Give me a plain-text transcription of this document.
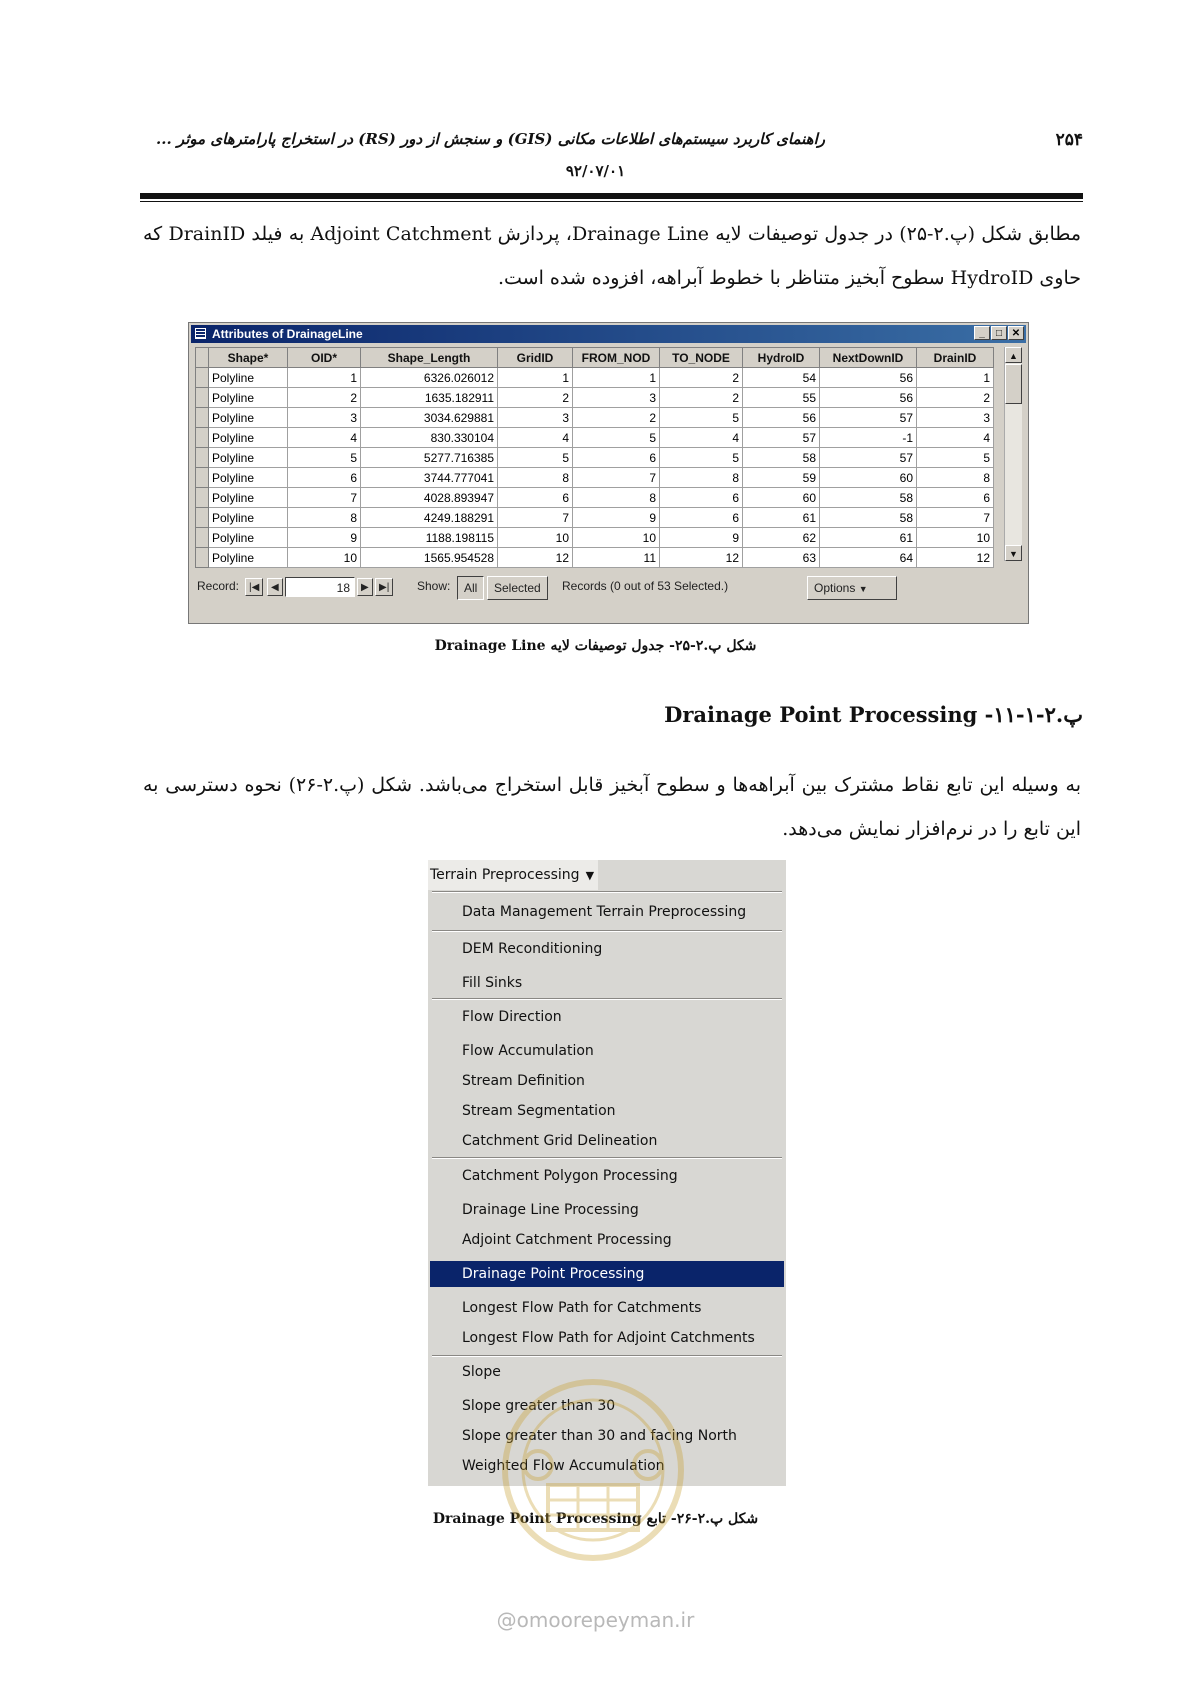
۲۵۴
راهنمای کاربرد سیستم‌های اطلاعات مکانی (GIS) و سنجش از دور (RS) در استخراج پارامترهای موثر ...
۹۲/۰۷/۰۱
مطابق شکل (پ.۲-۲۵) در جدول توصیفات لایه Drainage Line، پردازش Adjoint Catchment به فیلد DrainID که حاوی HydroID سطوح آبخیز متناظر با خطوط آبراهه، افزوده شده است.
Attributes of DrainageLine	_	□ ✕
	Shape*	OID*	Shape_Length	GridID	FROM_NOD	TO_NODE	HydroID	NextDownID	DrainID
	Polyline	1	6326.026012	1	1	2	54	56	1
	Polyline	2	1635.182911	2	3	2	55	56	2
	Polyline	3	3034.629881	3	2	5	56	57	3
	Polyline	4	830.330104	4	5	4	57	-1	4
	Polyline	5	5277.716385	5	6	5	58	57	5
	Polyline	6	3744.777041	8	7	8	59	60	8
	Polyline	7	4028.893947	6	8	6	60	58	6
	Polyline	8	4249.188291	7	9	6	61	58	7
	Polyline	9	1188.198115	10	10	9	62	61	10
	Polyline	10	1565.954528	12	11	12	63	64	12
▲
▼
Record: |◀	◀	18	▶	▶|	Show:	All	Selected	Records (0 out of 53 Selected.)	Options ▼
شکل پ.۲-۲۵- جدول توصیفات لایه Drainage Line
پ.۲-۱-۱۱- Drainage Point Processing
به وسیله این تابع نقاط مشترک بین آبراهه‌ها و سطوح آبخیز قابل استخراج می‌باشد. شکل (پ.۲-۲۶) نحوه دسترسی به این تابع را در نرم‌افزار نمایش می‌دهد.
Terrain Preprocessing ▼
Data Management Terrain Preprocessing
DEM Reconditioning
Fill Sinks
Flow Direction
Flow Accumulation
Stream Definition
Stream Segmentation
Catchment Grid Delineation
Catchment Polygon Processing
Drainage Line Processing
Adjoint Catchment Processing
Drainage Point Processing
Longest Flow Path for Catchments
Longest Flow Path for Adjoint Catchments
Slope
Slope greater than 30
Slope greater than 30 and facing North
Weighted Flow Accumulation
شکل پ.۲-۲۶- تابع Drainage Point Processing
@omoorepeyman.ir
